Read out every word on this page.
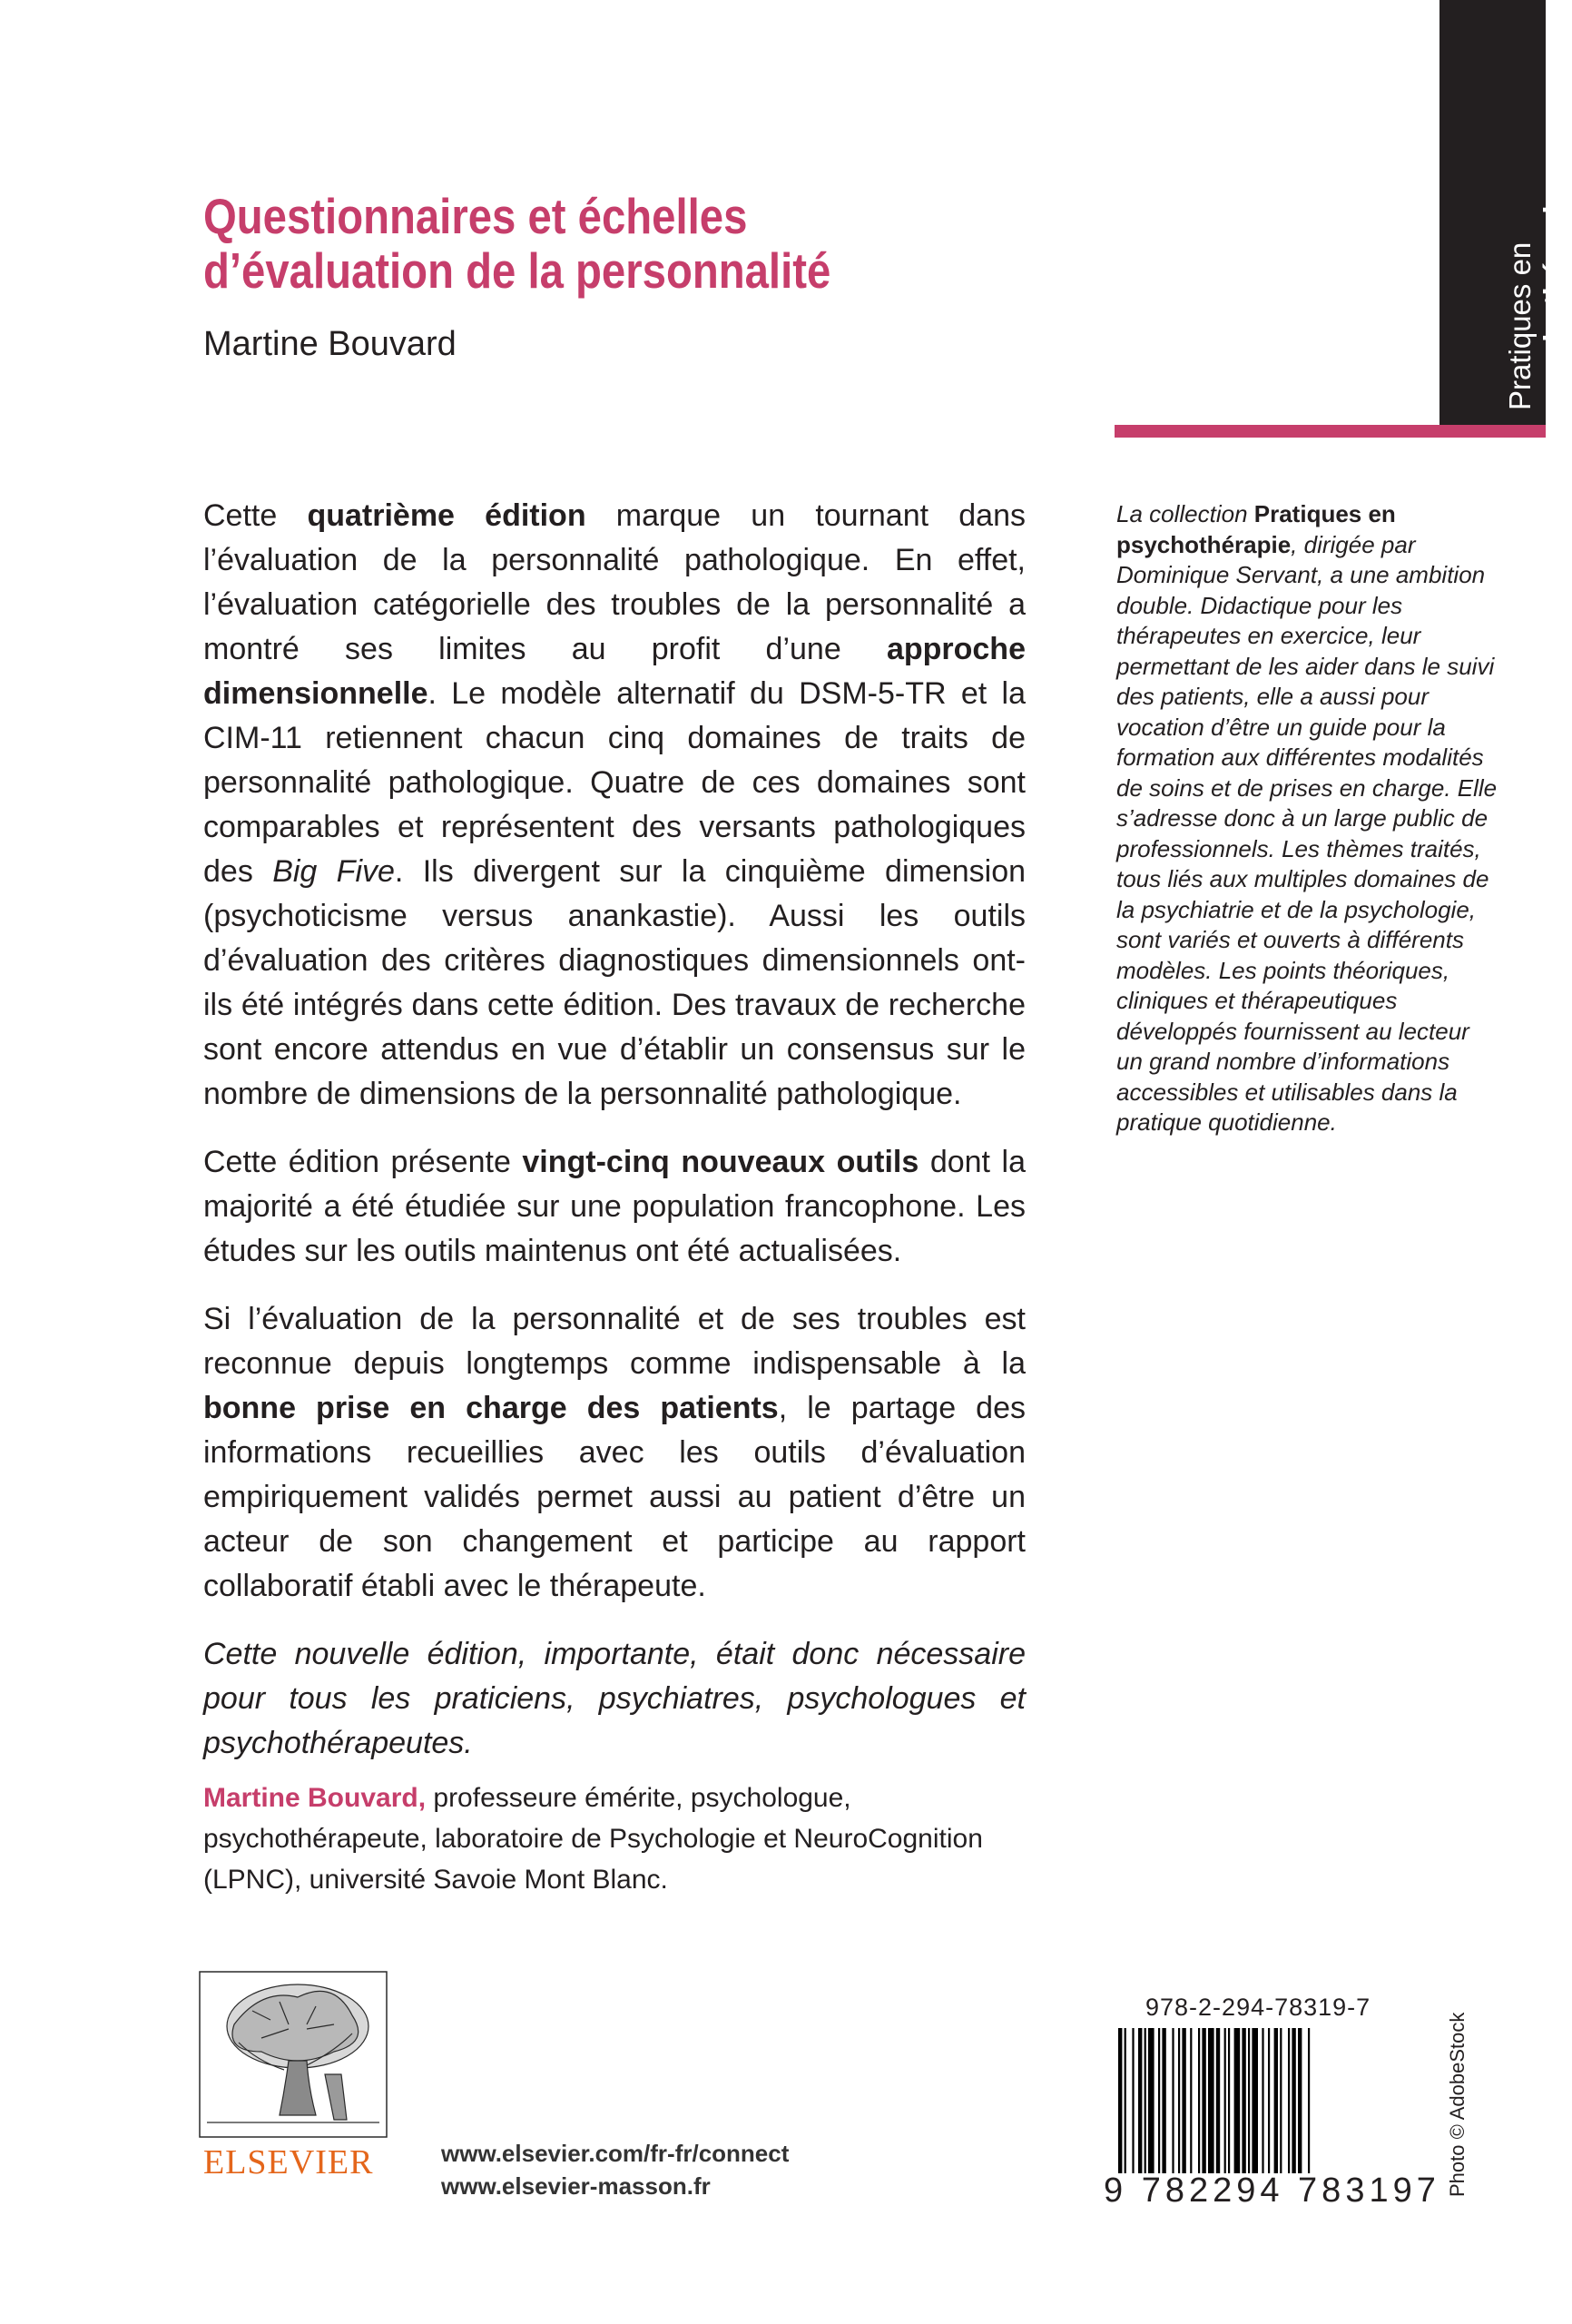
Pratiques en psychothérapie
Questionnaires et échelles
d’évaluation de la personnalité
Martine Bouvard

Cette quatrième édition marque un tournant dans l’évaluation de la personnalité pathologique. En effet, l’évaluation catégorielle des troubles de la personnalité a montré ses limites au profit d’une approche dimensionnelle. Le modèle alternatif du DSM-5-TR et la CIM-11 retiennent chacun cinq domaines de traits de personnalité pathologique. Quatre de ces domaines sont comparables et représentent des versants pathologiques des Big Five. Ils divergent sur la cinquième dimension (psychoticisme versus anankastie). Aussi les outils d’évaluation des critères diagnostiques dimensionnels ont-ils été intégrés dans cette édition. Des travaux de recherche sont encore attendus en vue d’établir un consensus sur le nombre de dimensions de la personnalité pathologique.

Cette édition présente vingt-cinq nouveaux outils dont la majorité a été étudiée sur une population francophone. Les études sur les outils maintenus ont été actualisées.

Si l’évaluation de la personnalité et de ses troubles est reconnue depuis longtemps comme indispensable à la bonne prise en charge des patients, le partage des informations recueillies avec les outils d’évaluation empiriquement validés permet aussi au patient d’être un acteur de son changement et participe au rapport collaboratif établi avec le thérapeute.

Cette nouvelle édition, importante, était donc nécessaire pour tous les praticiens, psychiatres, psychologues et psychothérapeutes.

La collection Pratiques en psychothérapie, dirigée par Dominique Servant, a une ambition double. Didactique pour les thérapeutes en exercice, leur permettant de les aider dans le suivi des patients, elle a aussi pour vocation d’être un guide pour la formation aux différentes modalités de soins et de prises en charge. Elle s’adresse donc à un large public de professionnels. Les thèmes traités, tous liés aux multiples domaines de la psychiatrie et de la psychologie, sont variés et ouverts à différents modèles. Les points théoriques, cliniques et thérapeutiques développés fournissent au lecteur un grand nombre d’informations accessibles et utilisables dans la pratique quotidienne.
Martine Bouvard, professeure émérite, psychologue, psychothérapeute, laboratoire de Psychologie et NeuroCognition (LPNC), université Savoie Mont Blanc.
ELSEVIER	www.elsevier.com/fr-fr/connect
www.elsevier-masson.fr
978-2-294-78319-7
9 782294 783197 Photo © AdobeStock
